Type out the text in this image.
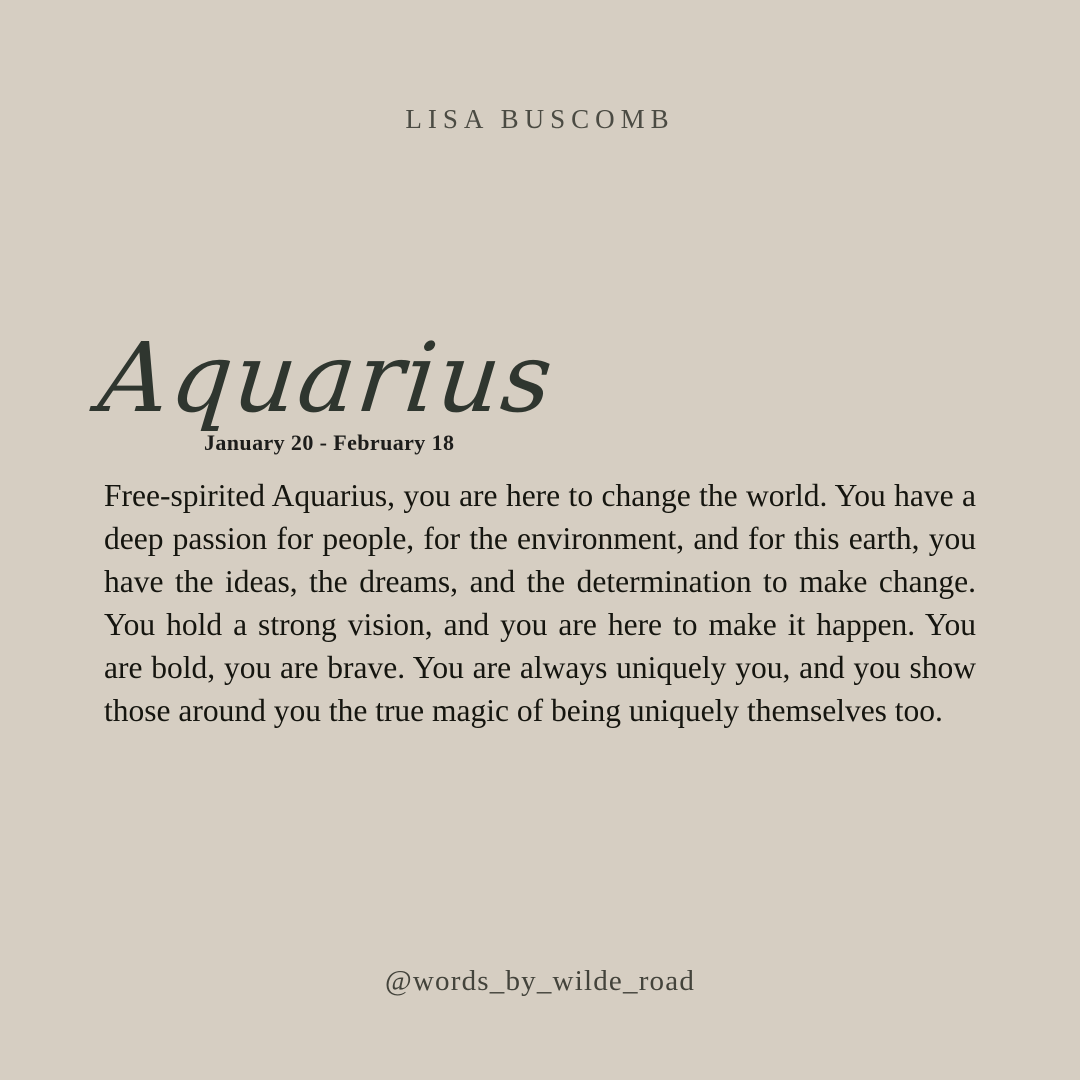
LISA BUSCOMB
Aquarius
January 20 - February 18
Free-spirited Aquarius, you are here to change the world. You have a deep passion for people, for the environment, and for this earth, you have the ideas, the dreams, and the determination to make change. You hold a strong vision, and you are here to make it happen. You are bold, you are brave. You are always uniquely you, and you show those around you the true magic of being uniquely themselves too.
@words_by_wilde_road
